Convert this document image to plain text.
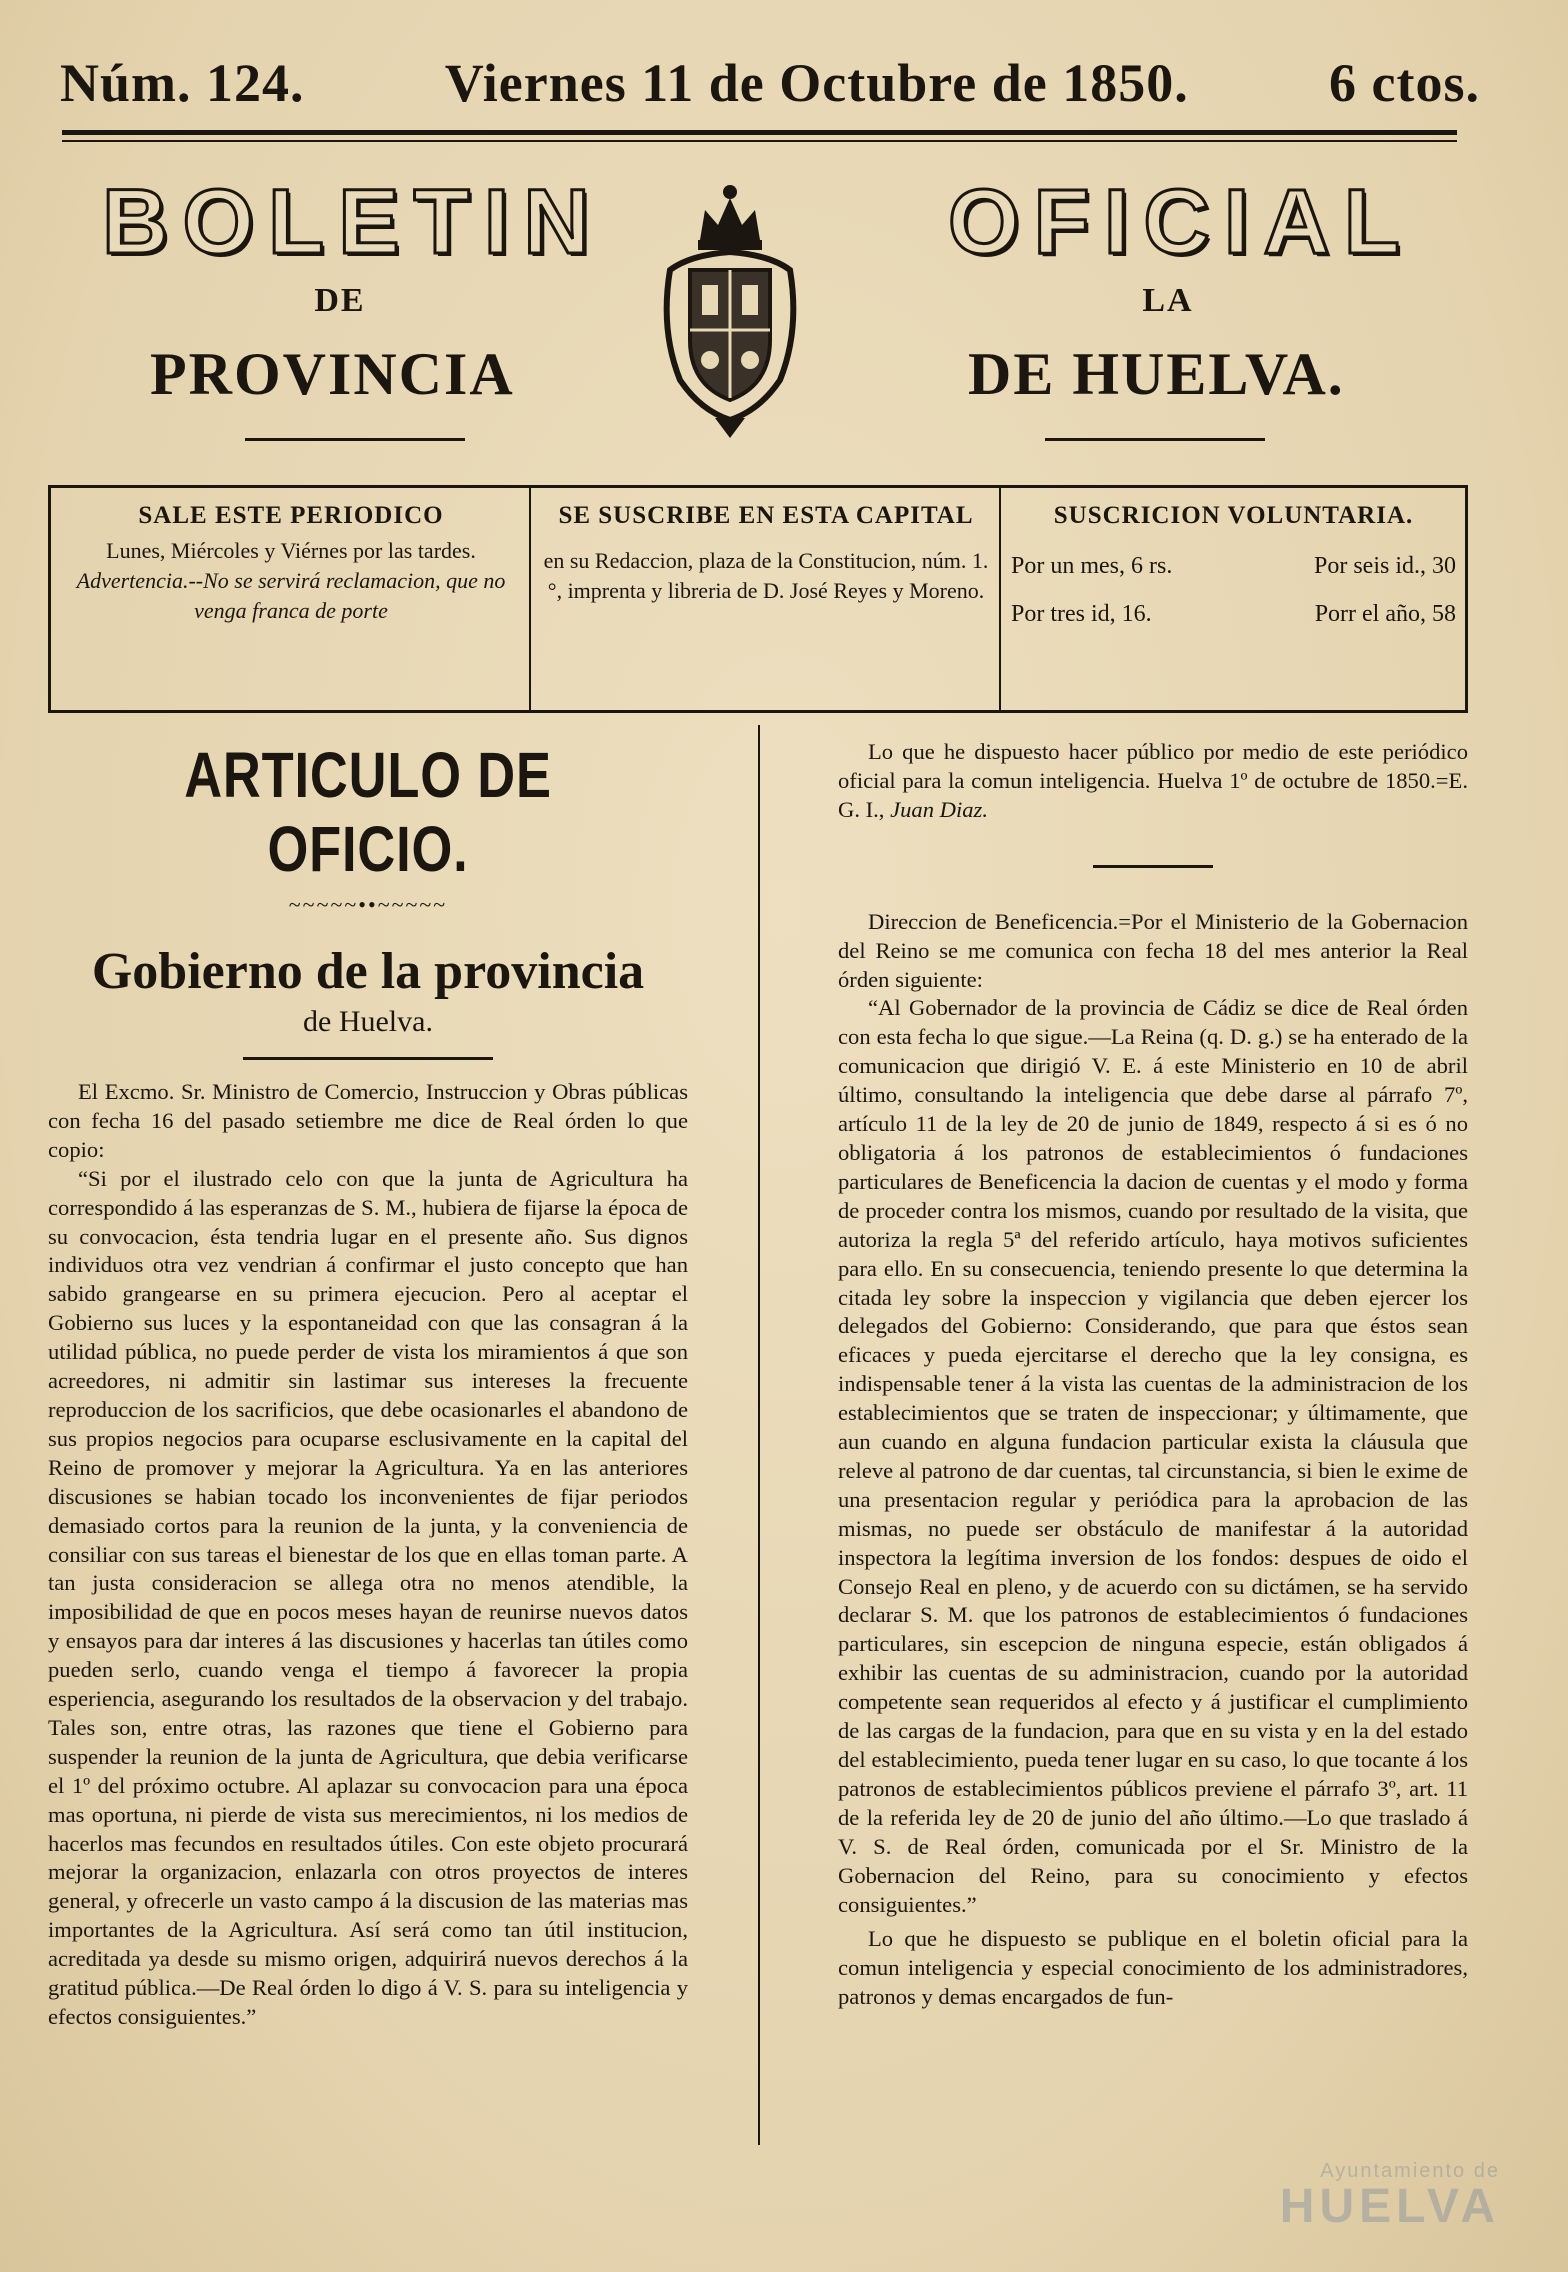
Núm. 124.	Viernes 11 de Octubre de 1850.	6 ctos.
BOLETIN	OFICIAL
DE	LA
PROVINCIA	DE HUELVA.
SALE ESTE PERIODICO
Lunes, Miércoles y Viérnes por las tardes.
Advertencia.--No se servirá reclamacion, que no venga franca de porte
SE SUSCRIBE EN ESTA CAPITAL
en su Redaccion, plaza de la Constitucion, núm. 1.°, imprenta y libreria de D. José Reyes y Moreno.
SUSCRICION VOLUNTARIA.
Por un mes, 6 rs.	Por seis id., 30
Por tres id, 16.	Porr el año, 58
ARTICULO DE OFICIO.
~~~~~••~~~~~
Gobierno de la provincia
de Huelva.

El Excmo. Sr. Ministro de Comercio, Instruccion y Obras públicas con fecha 16 del pasado setiembre me dice de Real órden lo que copio:

“Si por el ilustrado celo con que la junta de Agricultura ha correspondido á las esperanzas de S. M., hubiera de fijarse la época de su convocacion, ésta tendria lugar en el presente año. Sus dignos individuos otra vez vendrian á confirmar el justo concepto que han sabido grangearse en su primera ejecucion. Pero al aceptar el Gobierno sus luces y la espontaneidad con que las consagran á la utilidad pública, no puede perder de vista los miramientos á que son acreedores, ni admitir sin lastimar sus intereses la frecuente reproduccion de los sacrificios, que debe ocasionarles el abandono de sus propios negocios para ocuparse esclusivamente en la capital del Reino de promover y mejorar la Agricultura. Ya en las anteriores discusiones se habian tocado los inconvenientes de fijar periodos demasiado cortos para la reunion de la junta, y la conveniencia de consiliar con sus tareas el bienestar de los que en ellas toman parte. A tan justa consideracion se allega otra no menos atendible, la imposibilidad de que en pocos meses hayan de reunirse nuevos datos y ensayos para dar interes á las discusiones y hacerlas tan útiles como pueden serlo, cuando venga el tiempo á favorecer la propia esperiencia, asegurando los resultados de la observacion y del trabajo. Tales son, entre otras, las razones que tiene el Gobierno para suspender la reunion de la junta de Agricultura, que debia verificarse el 1º del próximo octubre. Al aplazar su convocacion para una época mas oportuna, ni pierde de vista sus merecimientos, ni los medios de hacerlos mas fecundos en resultados útiles. Con este objeto procurará mejorar la organizacion, enlazarla con otros proyectos de interes general, y ofrecerle un vasto campo á la discusion de las materias mas importantes de la Agricultura. Así será como tan útil institucion, acreditada ya desde su mismo origen, adquirirá nuevos derechos á la gratitud pública.—De Real órden lo digo á V. S. para su inteligencia y efectos consiguientes.”

Lo que he dispuesto hacer público por medio de este periódico oficial para la comun inteligencia. Huelva 1º de octubre de 1850.=E. G. I., Juan Diaz.

Direccion de Beneficencia.=Por el Ministerio de la Gobernacion del Reino se me comunica con fecha 18 del mes anterior la Real órden siguiente:

“Al Gobernador de la provincia de Cádiz se dice de Real órden con esta fecha lo que sigue.—La Reina (q. D. g.) se ha enterado de la comunicacion que dirigió V. E. á este Ministerio en 10 de abril último, consultando la inteligencia que debe darse al párrafo 7º, artículo 11 de la ley de 20 de junio de 1849, respecto á si es ó no obligatoria á los patronos de establecimientos ó fundaciones particulares de Beneficencia la dacion de cuentas y el modo y forma de proceder contra los mismos, cuando por resultado de la visita, que autoriza la regla 5ª del referido artículo, haya motivos suficientes para ello. En su consecuencia, teniendo presente lo que determina la citada ley sobre la inspeccion y vigilancia que deben ejercer los delegados del Gobierno: Considerando, que para que éstos sean eficaces y pueda ejercitarse el derecho que la ley consigna, es indispensable tener á la vista las cuentas de la administracion de los establecimientos que se traten de inspeccionar; y últimamente, que aun cuando en alguna fundacion particular exista la cláusula que releve al patrono de dar cuentas, tal circunstancia, si bien le exime de una presentacion regular y periódica para la aprobacion de las mismas, no puede ser obstáculo de manifestar á la autoridad inspectora la legítima inversion de los fondos: despues de oido el Consejo Real en pleno, y de acuerdo con su dictámen, se ha servido declarar S. M. que los patronos de establecimientos ó fundaciones particulares, sin escepcion de ninguna especie, están obligados á exhibir las cuentas de su administracion, cuando por la autoridad competente sean requeridos al efecto y á justificar el cumplimiento de las cargas de la fundacion, para que en su vista y en la del estado del establecimiento, pueda tener lugar en su caso, lo que tocante á los patronos de establecimientos públicos previene el párrafo 3º, art. 11 de la referida ley de 20 de junio del año último.—Lo que traslado á V. S. de Real órden, comunicada por el Sr. Ministro de la Gobernacion del Reino, para su conocimiento y efectos consiguientes.”

Lo que he dispuesto se publique en el boletin oficial para la comun inteligencia y especial conocimiento de los administradores, patronos y demas encargados de fun-

Ayuntamiento de
HUELVA
